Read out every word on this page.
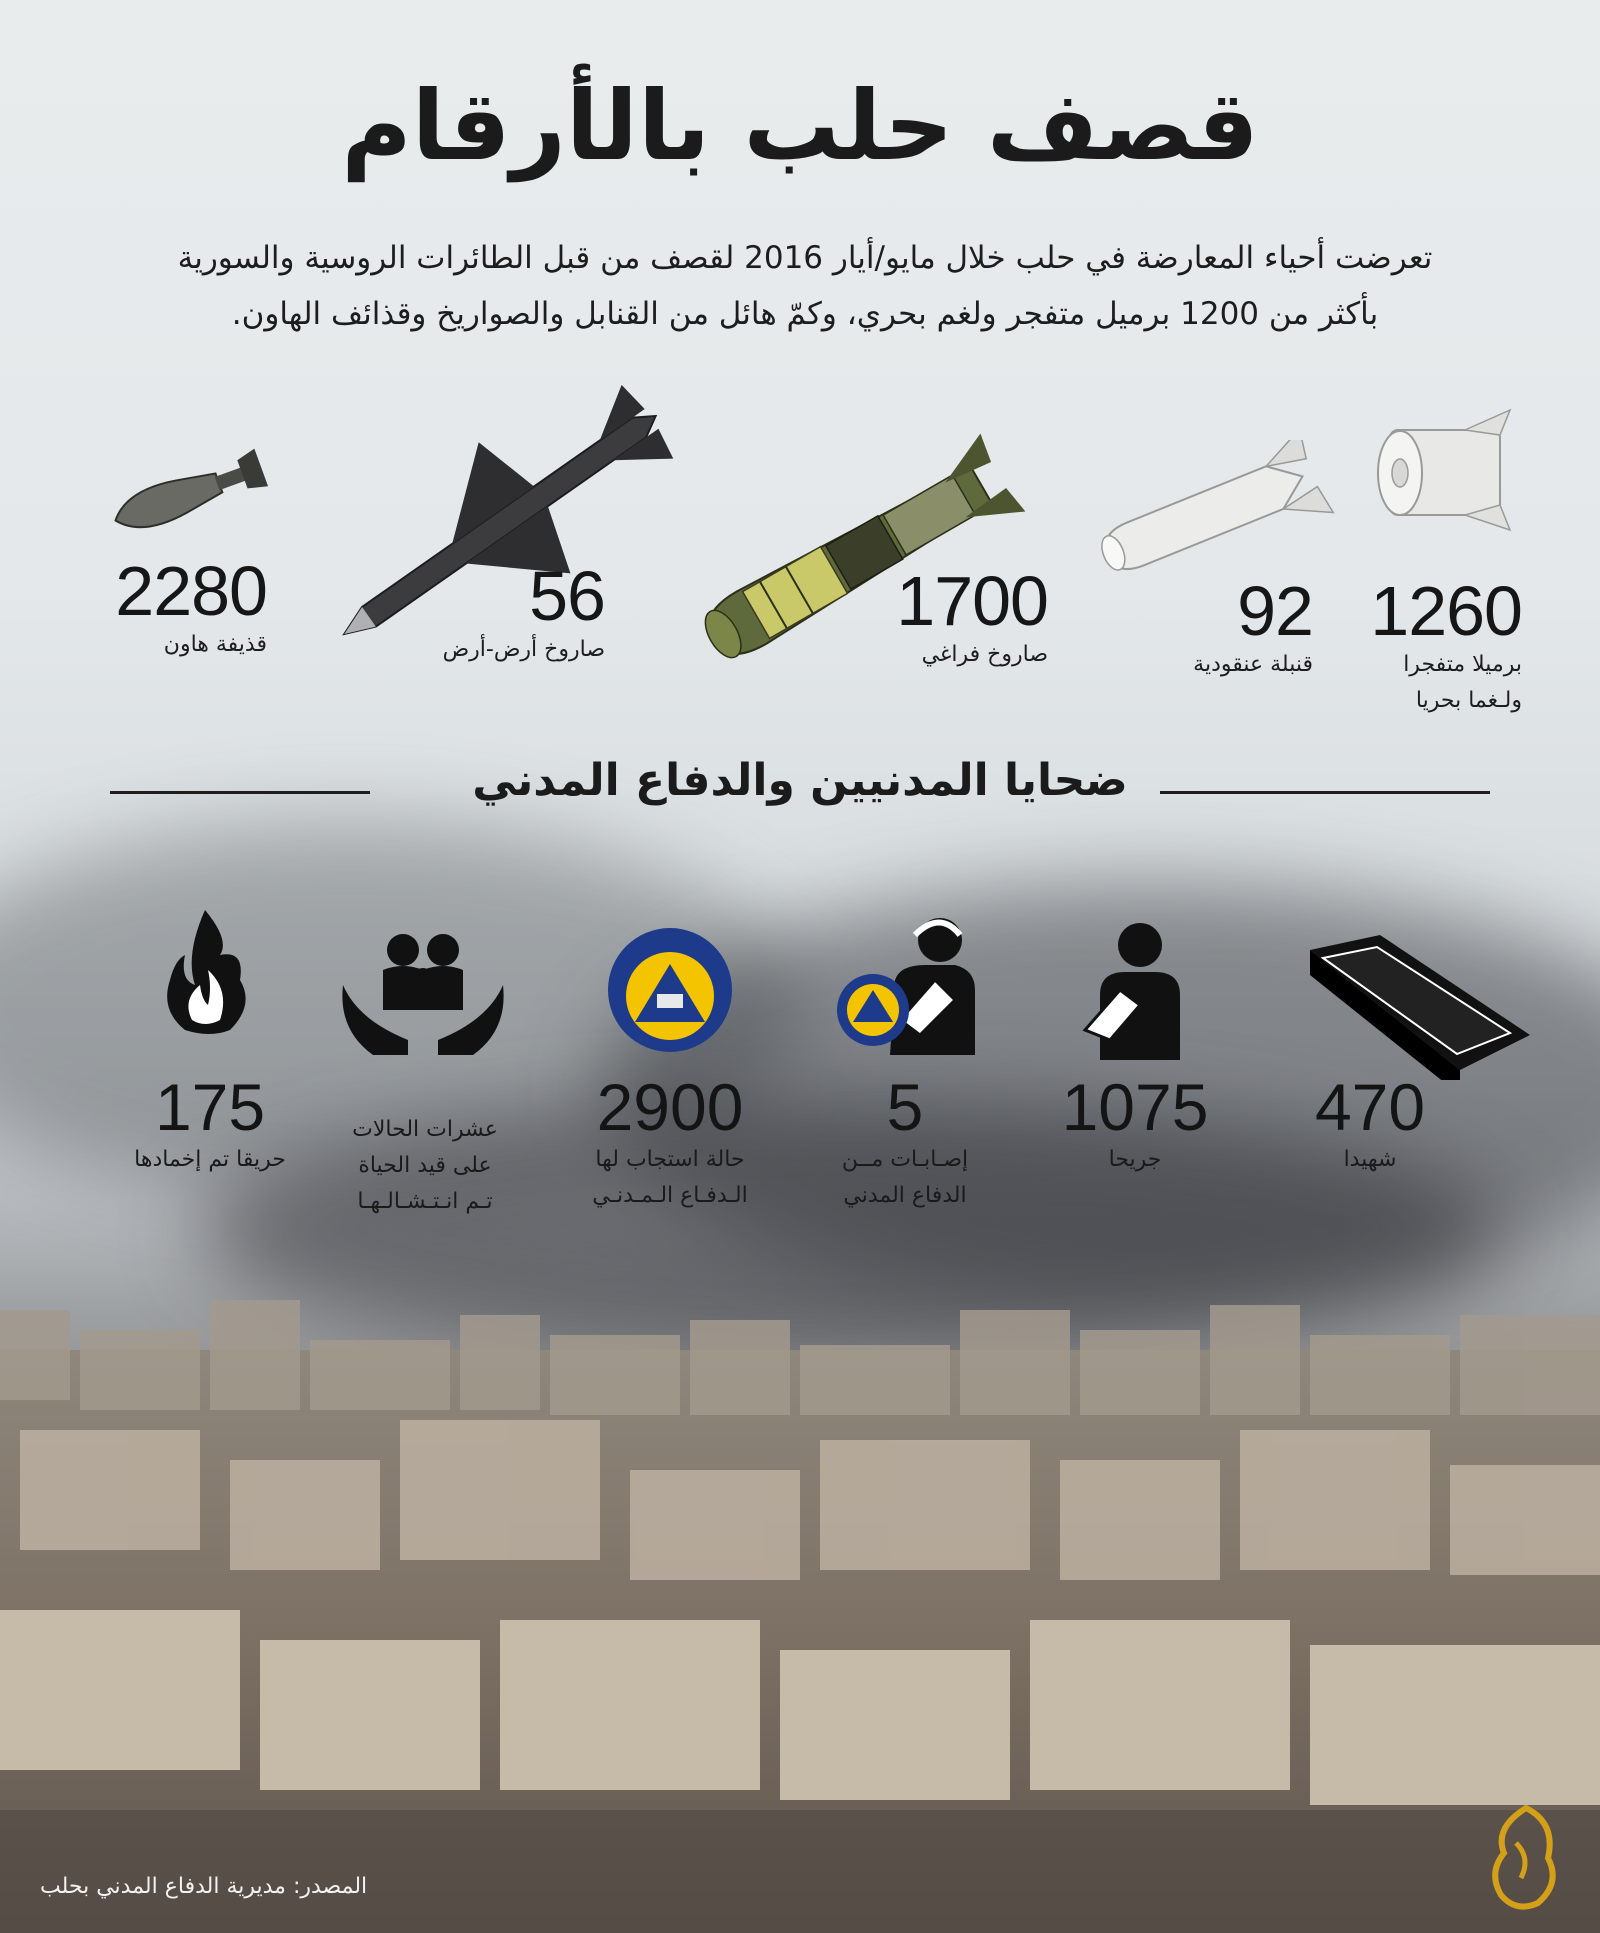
قصف حلب بالأرقام
تعرضت أحياء المعارضة في حلب خلال مايو/أيار 2016 لقصف من قبل الطائرات الروسية والسورية
بأكثر من 1200 برميل متفجر ولغم بحري، وكمّ هائل من القنابل والصواريخ وقذائف الهاون.
1260
برميلا متفجرا
ولـغما بحريا
92
قنبلة عنقودية
1700
صاروخ فراغي
56
صاروخ أرض-أرض
2280
قذيفة هاون
ضحايا المدنيين والدفاع المدني
470
شهيدا
1075
جريحا
5
إصـابـات مــن
الدفاع المدني
2900
حالة استجاب لها
الـدفـاع الـمـدنـي
عشرات الحالات
على قيد الحياة
تـم انـتـشـالـهـا
175
حريقا تم إخمادها
المصدر: مديرية الدفاع المدني بحلب
